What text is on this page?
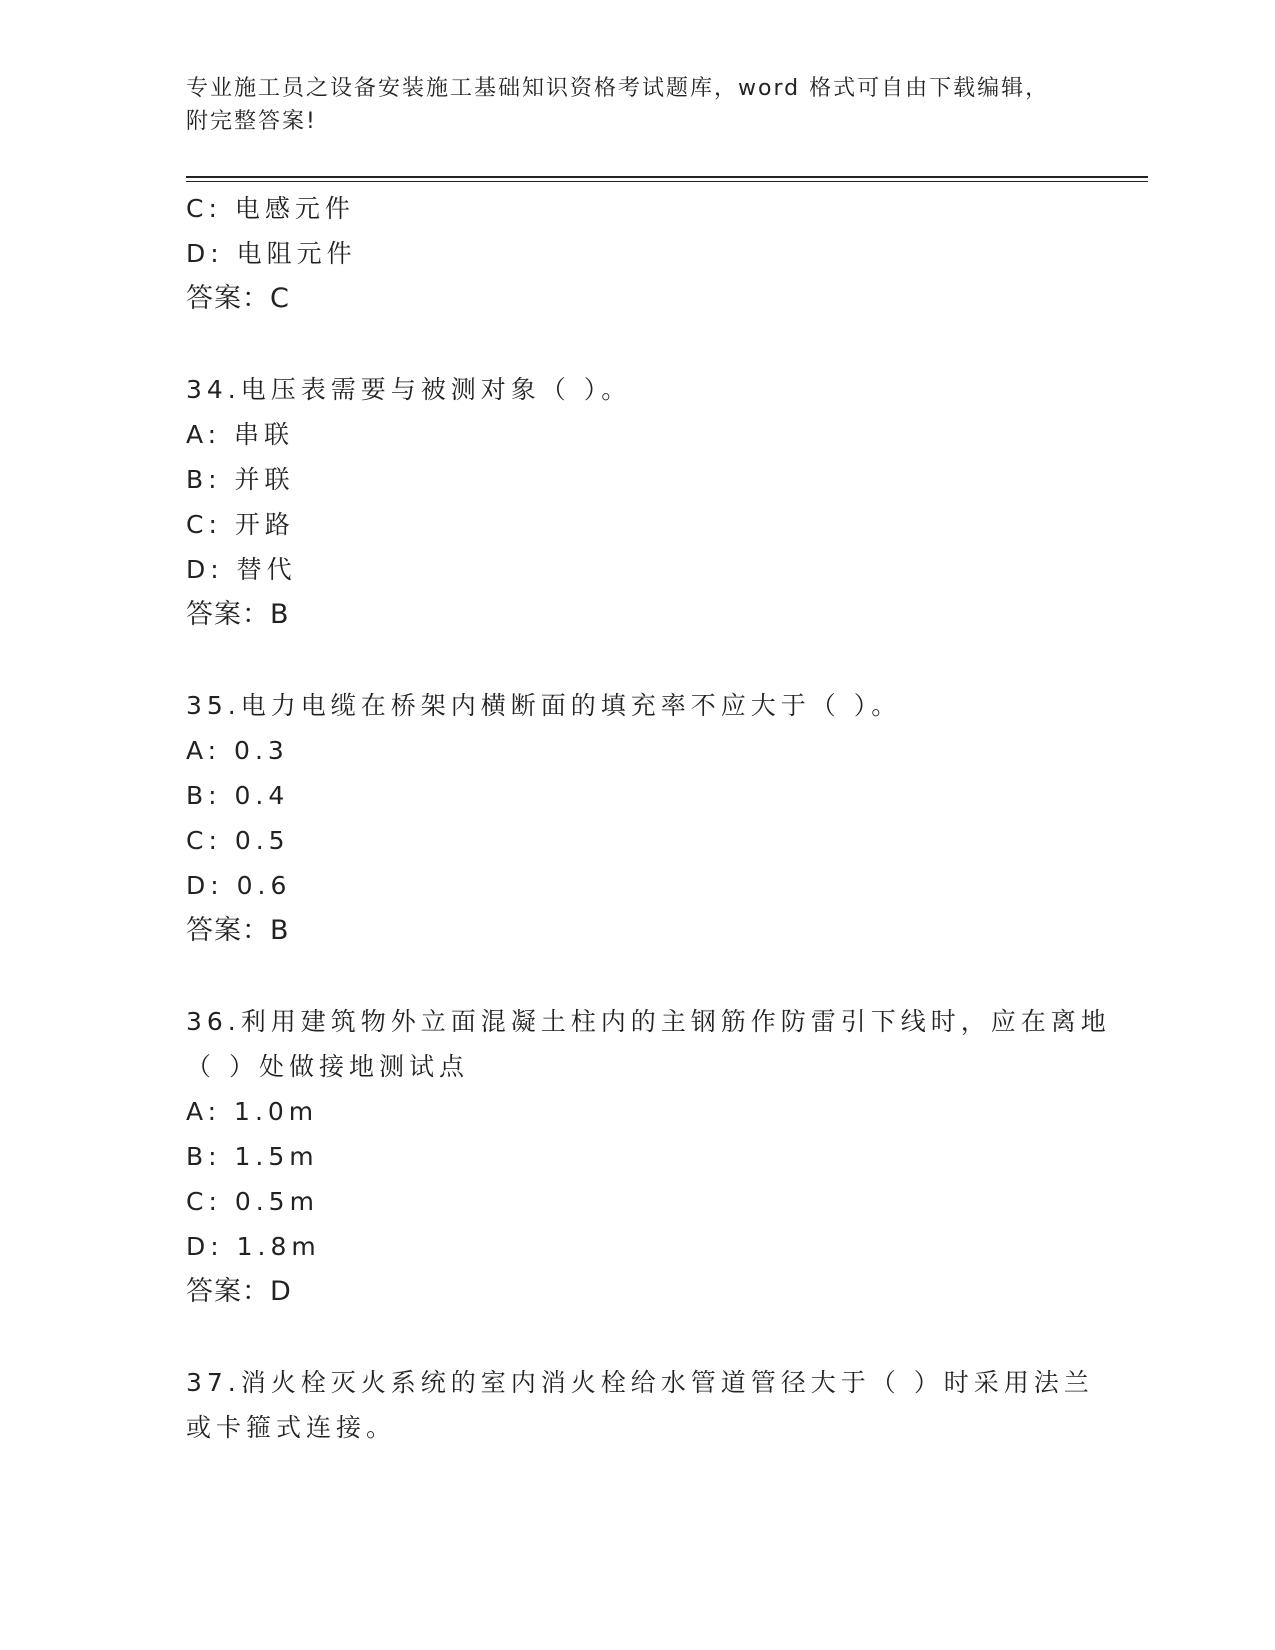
专业施工员之设备安装施工基础知识资格考试题库，word 格式可自由下载编辑，
附完整答案!
C: 电感元件
D: 电阻元件
答案：C
34.电压表需要与被测对象（ ）。
A: 串联
B: 并联
C: 开路
D: 替代
答案：B
35.电力电缆在桥架内横断面的填充率不应大于（ ）。
A: 0.3
B: 0.4
C: 0.5
D: 0.6
答案：B
36.利用建筑物外立面混凝土柱内的主钢筋作防雷引下线时，应在离地
（ ）处做接地测试点
A: 1.0m
B: 1.5m
C: 0.5m
D: 1.8m
答案：D
37.消火栓灭火系统的室内消火栓给水管道管径大于（ ）时采用法兰
或卡箍式连接。
